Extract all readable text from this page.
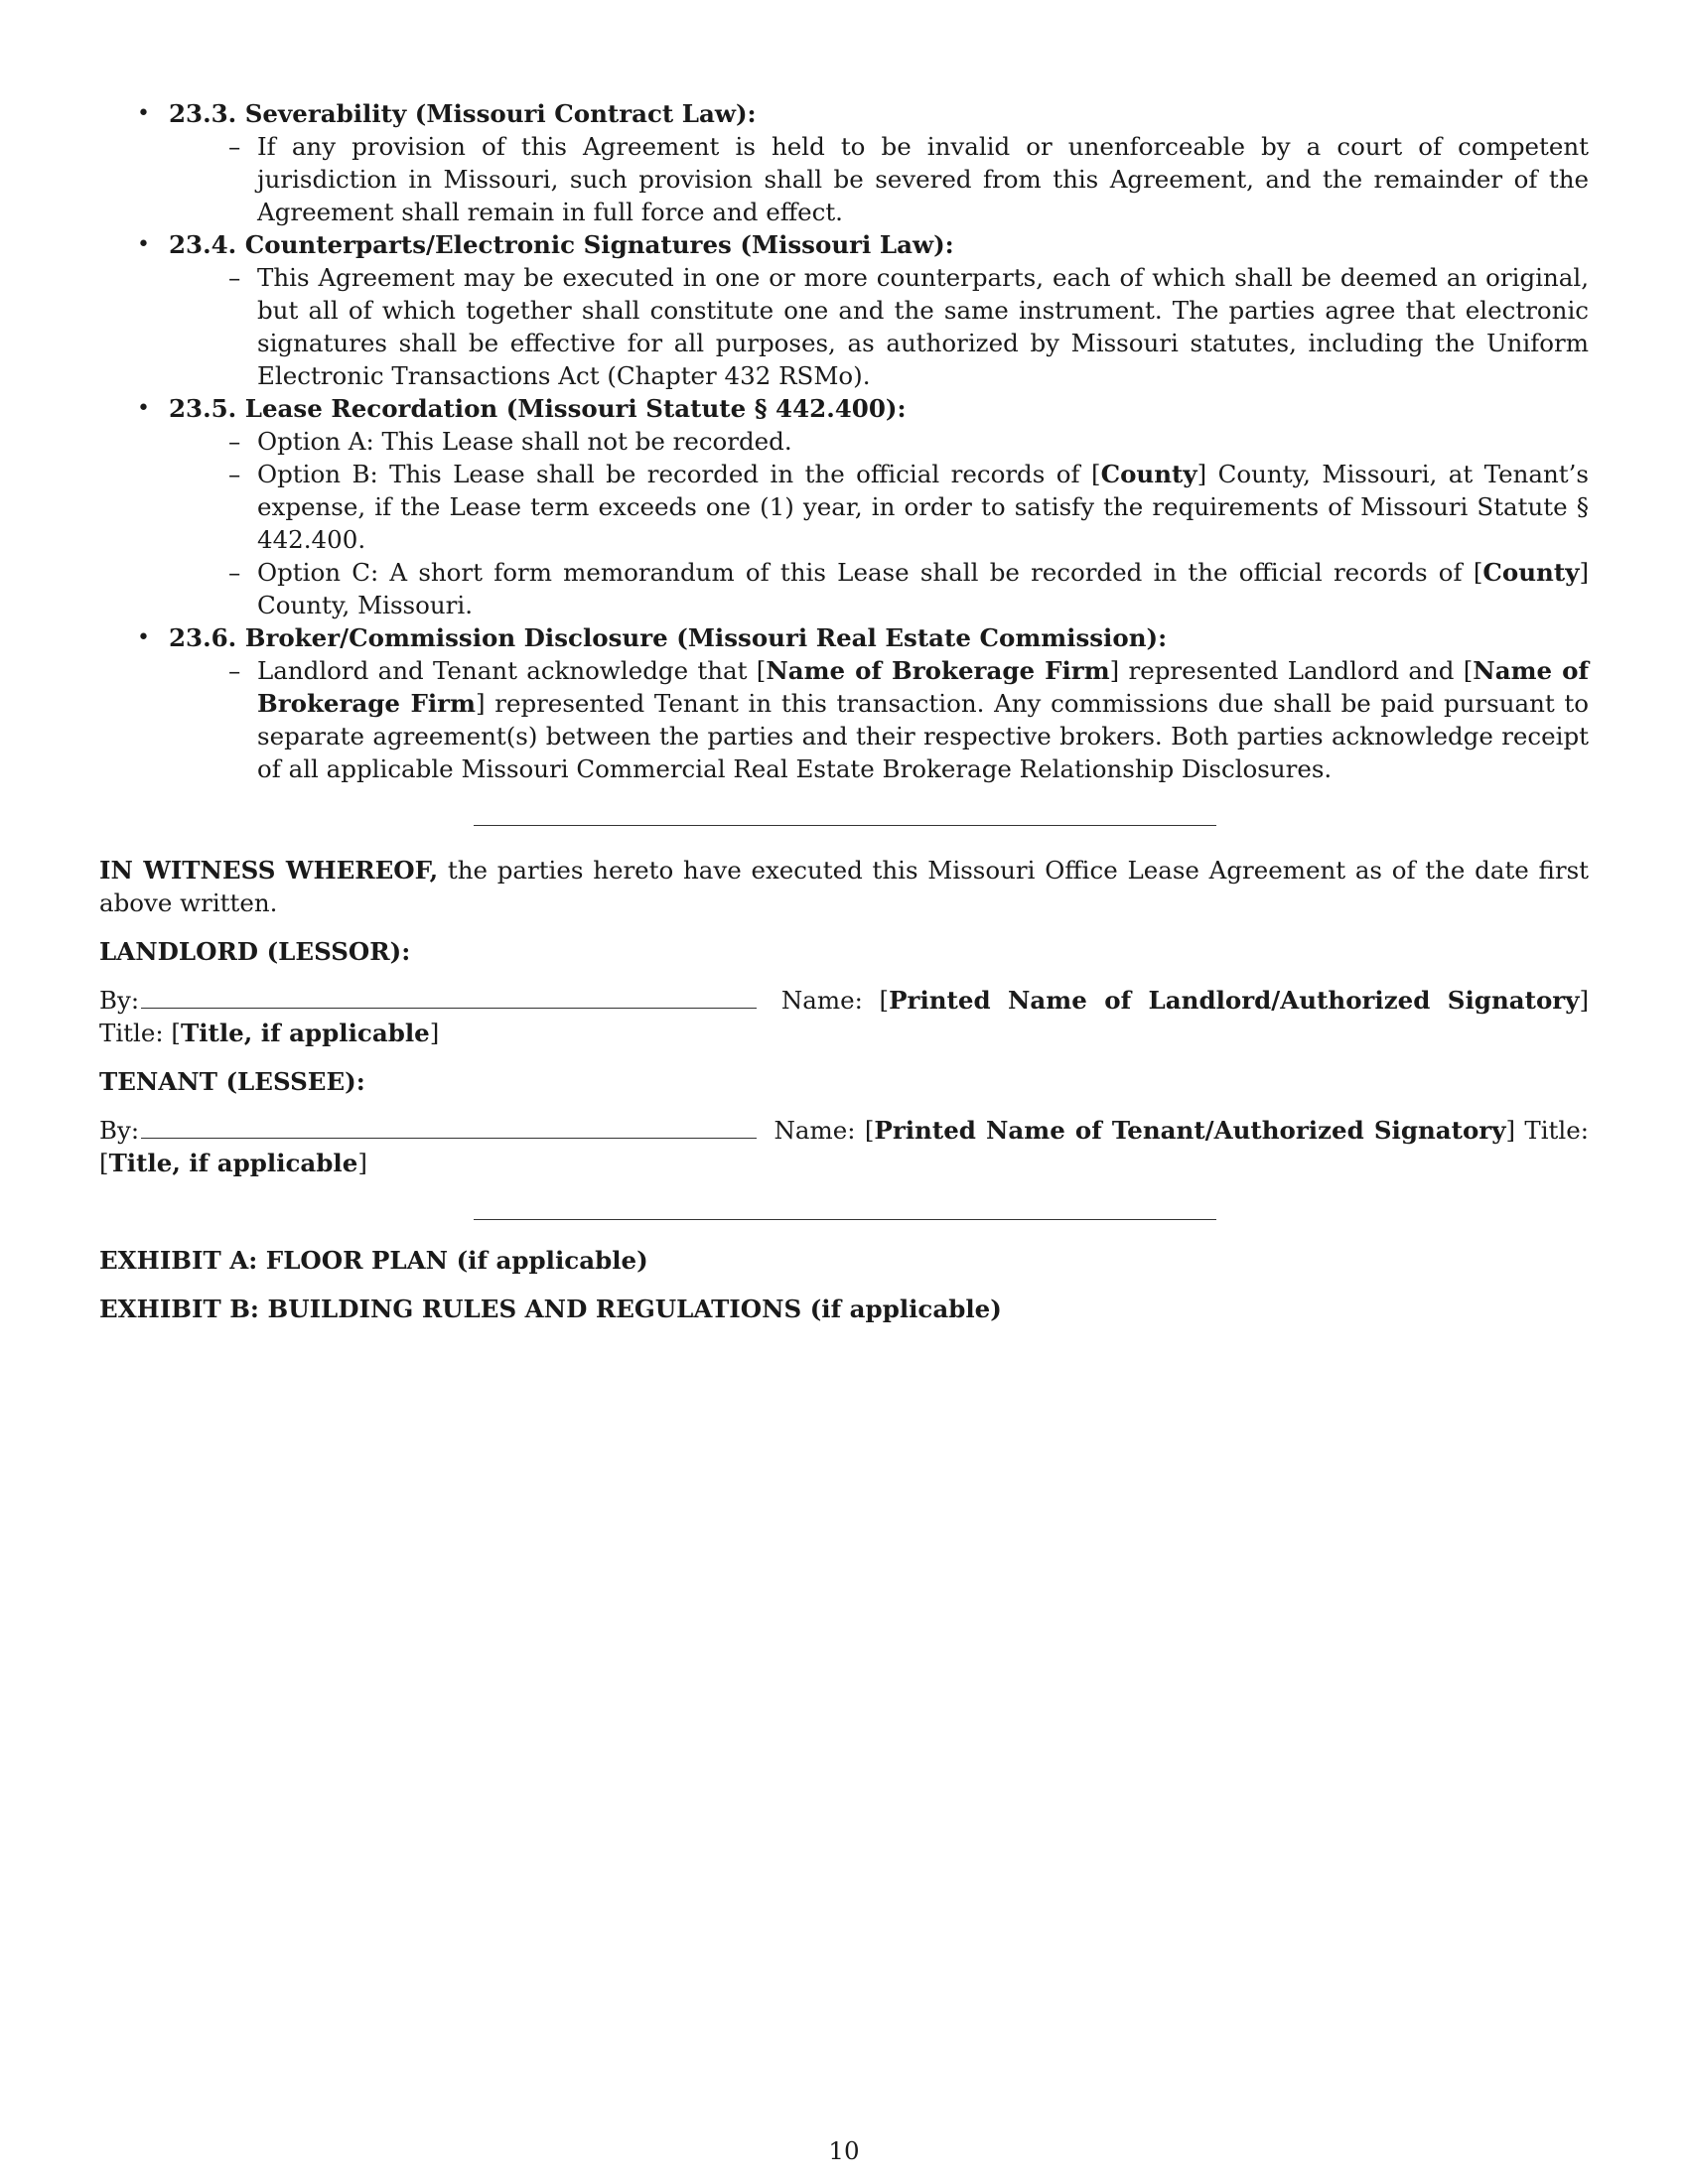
• 23.3. Severability (Missouri Contract Law):
– If any provision of this Agreement is held to be invalid or unenforceable by a court of competent jurisdiction in Missouri, such provision shall be severed from this Agreement, and the remainder of the Agreement shall remain in full force and effect.
• 23.4. Counterparts/Electronic Signatures (Missouri Law):
– This Agreement may be executed in one or more counterparts, each of which shall be deemed an original, but all of which together shall constitute one and the same instrument. The parties agree that electronic signatures shall be effective for all purposes, as authorized by Missouri statutes, including the Uniform Electronic Transactions Act (Chapter 432 RSMo).
• 23.5. Lease Recordation (Missouri Statute § 442.400):
– Option A: This Lease shall not be recorded.
– Option B: This Lease shall be recorded in the official records of [County] County, Missouri, at Tenant’s expense, if the Lease term exceeds one (1) year, in order to satisfy the requirements of Missouri Statute § 442.400.
– Option C: A short form memorandum of this Lease shall be recorded in the official records of [County] County, Missouri.
• 23.6. Broker/Commission Disclosure (Missouri Real Estate Commission):
– Landlord and Tenant acknowledge that [Name of Brokerage Firm] represented Landlord and [Name of Brokerage Firm] represented Tenant in this transaction. Any commissions due shall be paid pursuant to separate agreement(s) between the parties and their respective brokers. Both parties acknowledge receipt of all applicable Missouri Commercial Real Estate Brokerage Relationship Disclosures.

IN WITNESS WHEREOF, the parties hereto have executed this Missouri Office Lease Agreement as of the date first above written.

LANDLORD (LESSOR):
By:	Name: [Printed Name of Landlord/Authorized Signatory] Title: [Title, if applicable]
TENANT (LESSEE):
By:	Name: [Printed Name of Tenant/Authorized Signatory] Title: [Title, if applicable]
EXHIBIT A: FLOOR PLAN (if applicable)
EXHIBIT B: BUILDING RULES AND REGULATIONS (if applicable)
10
